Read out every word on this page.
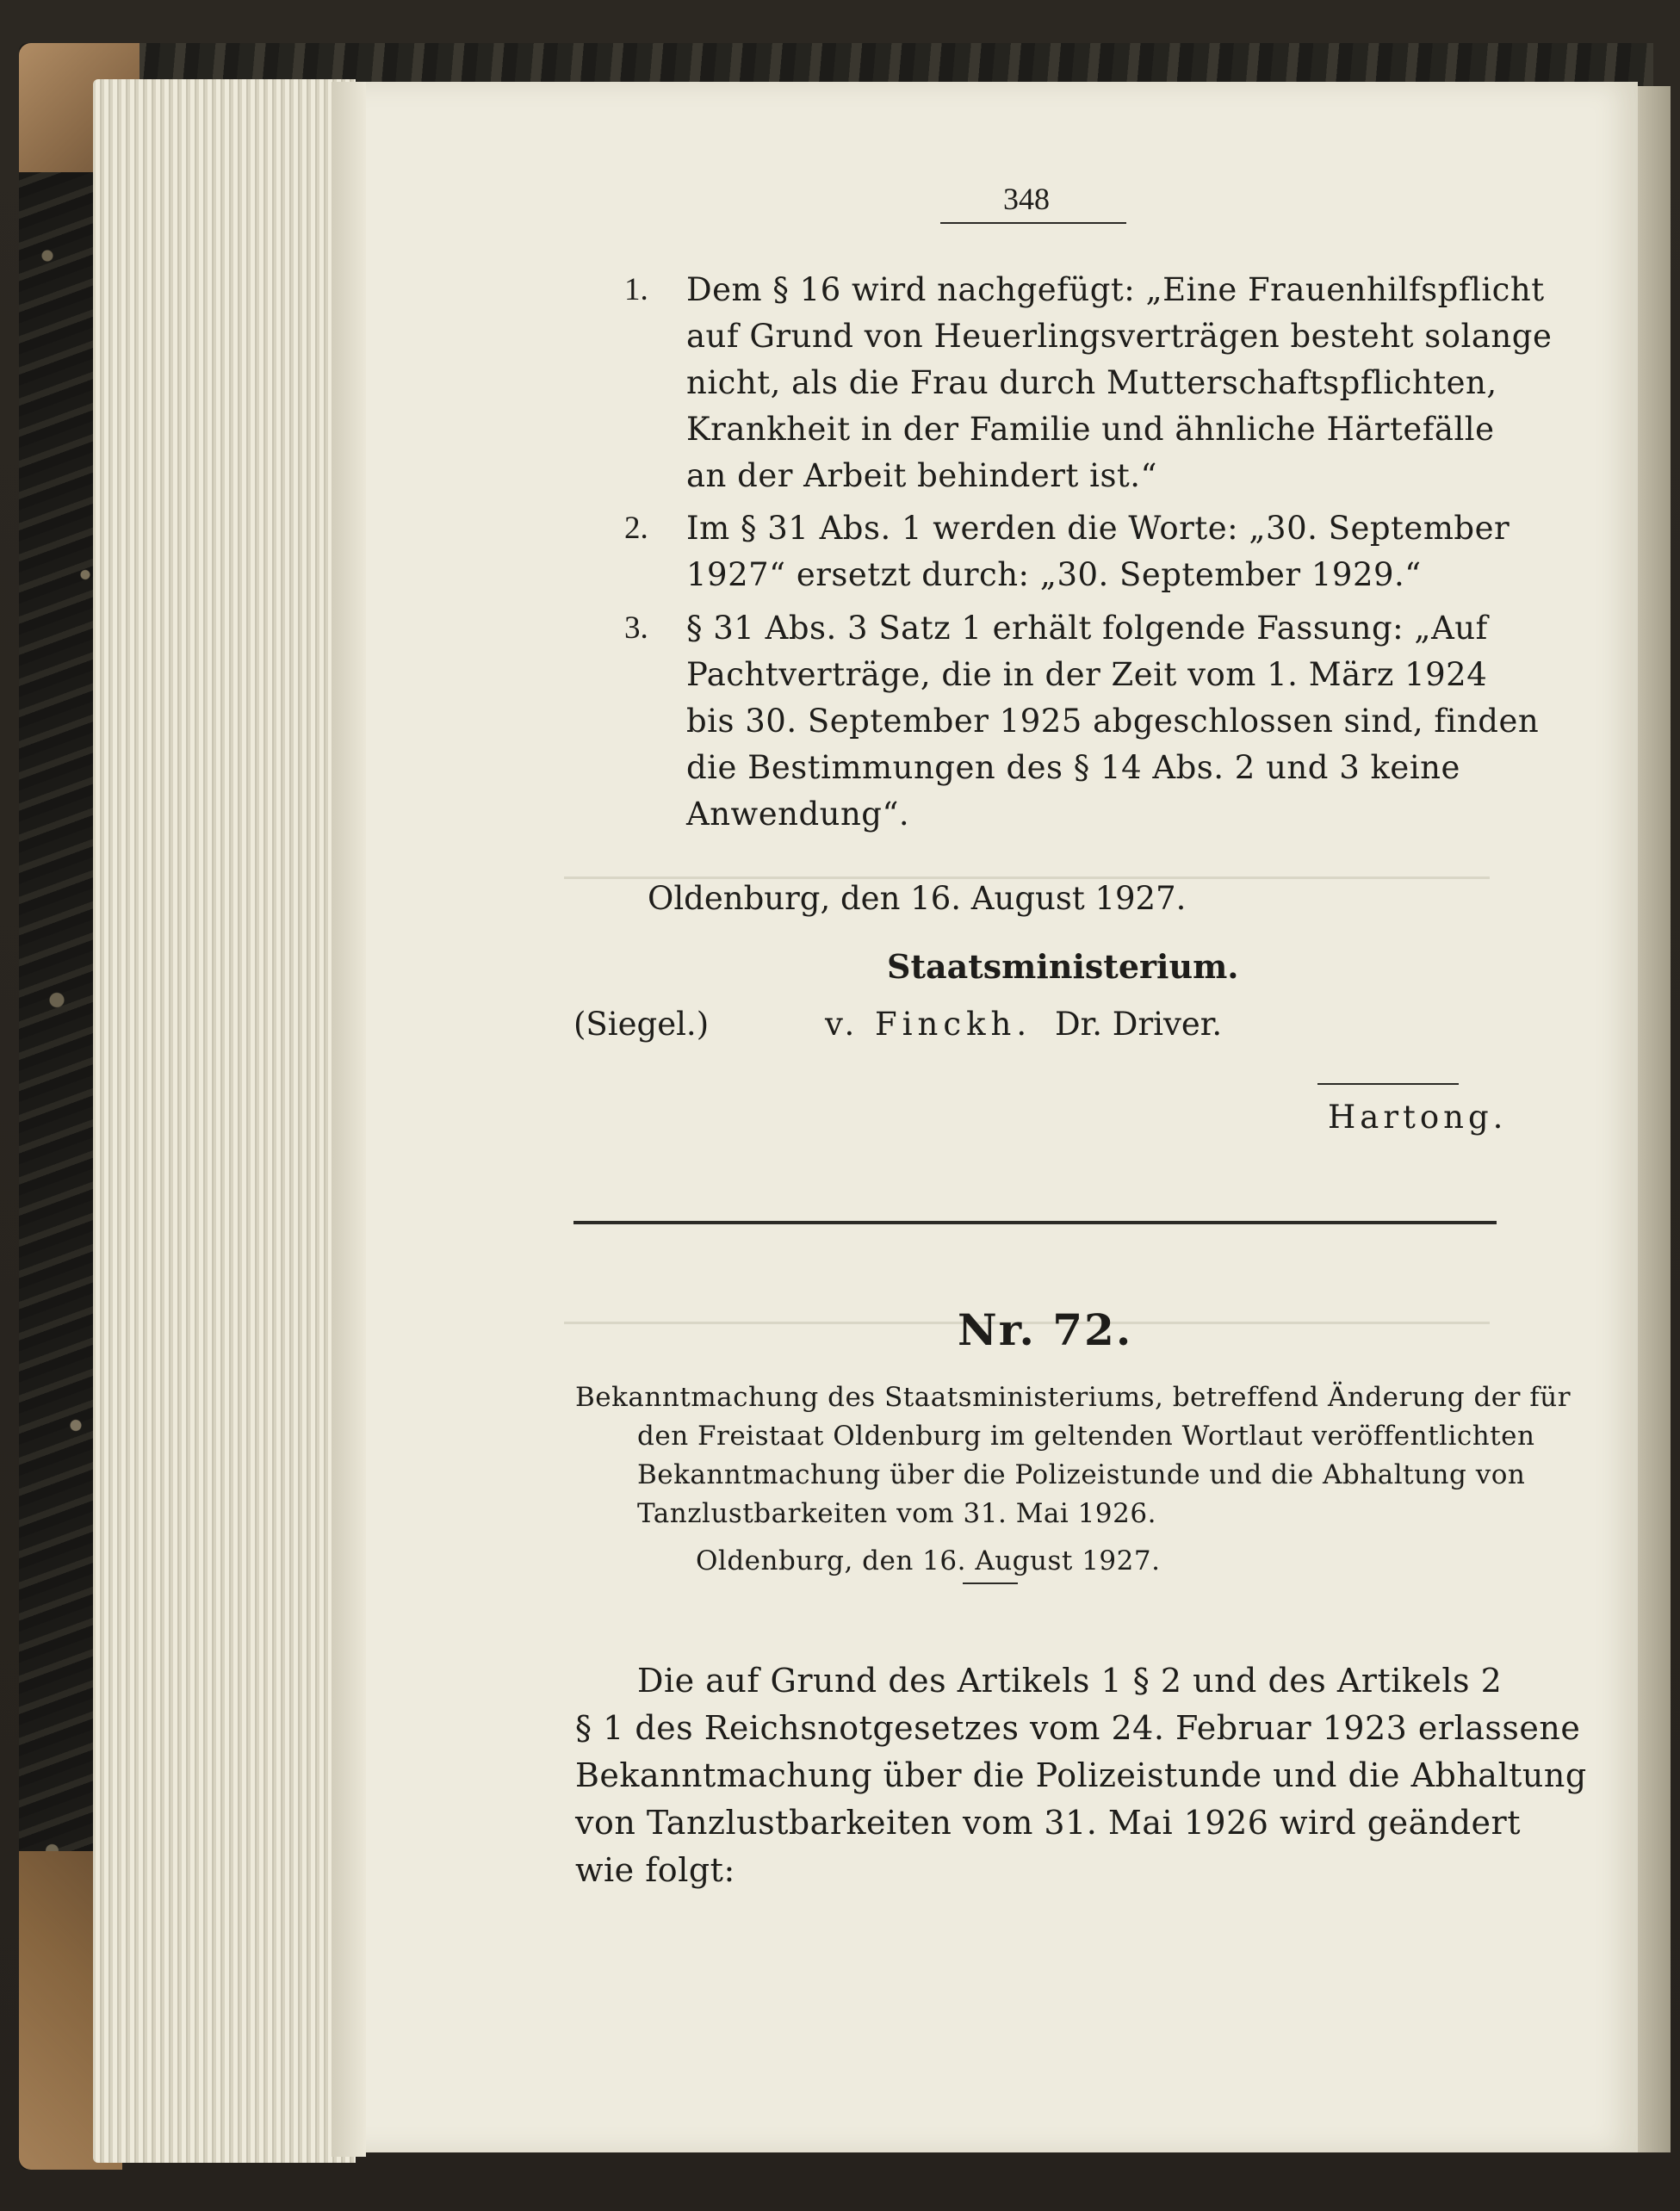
348
1. Dem § 16 wird nachgefügt: „Eine Frauenhilfspflicht
auf Grund von Heuerlingsverträgen besteht solange
nicht, als die Frau durch Mutterschaftspflichten,
Krankheit in der Familie und ähnliche Härtefälle
an der Arbeit behindert ist.“
2. Im § 31 Abs. 1 werden die Worte: „30. September
1927“ ersetzt durch: „30. September 1929.“
3. § 31 Abs. 3 Satz 1 erhält folgende Fassung: „Auf
Pachtverträge, die in der Zeit vom 1. März 1924
bis 30. September 1925 abgeschlossen sind, finden
die Bestimmungen des § 14 Abs. 2 und 3 keine
Anwendung“.
Oldenburg, den 16. August 1927.
Staatsministerium.
(Siegel.)	v. Finckh. Dr. Driver.
Hartong.
Nr. 72.
Bekanntmachung des Staatsministeriums, betreffend Änderung der für
den Freistaat Oldenburg im geltenden Wortlaut veröffentlichten
Bekanntmachung über die Polizeistunde und die Abhaltung von
Tanzlustbarkeiten vom 31. Mai 1926.
Oldenburg, den 16. August 1927.
Die auf Grund des Artikels 1 § 2 und des Artikels 2
§ 1 des Reichsnotgesetzes vom 24. Februar 1923 erlassene
Bekanntmachung über die Polizeistunde und die Abhaltung
von Tanzlustbarkeiten vom 31. Mai 1926 wird geändert
wie folgt:
